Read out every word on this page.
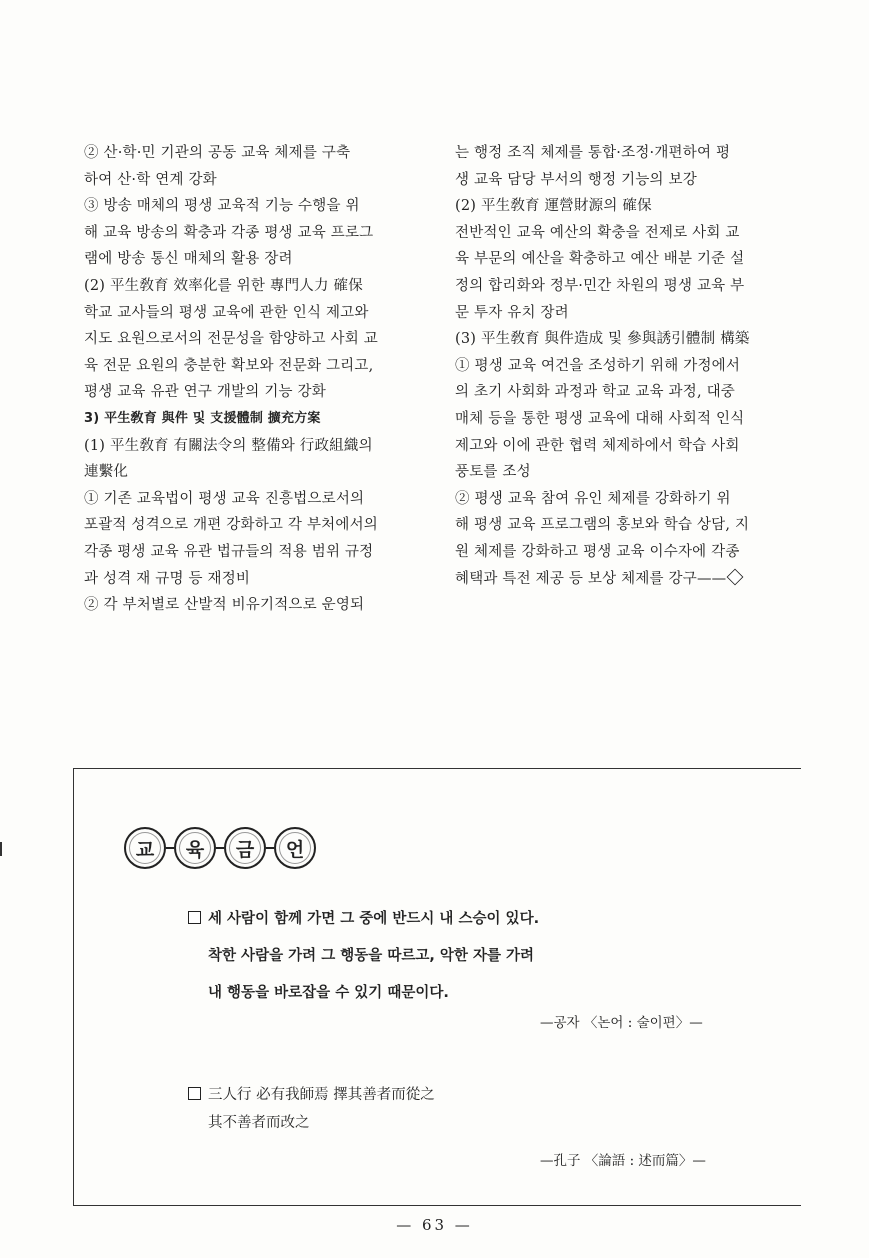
② 산·학·민 기관의 공동 교육 체제를 구축

하여 산·학 연계 강화

③ 방송 매체의 평생 교육적 기능 수행을 위

해 교육 방송의 확충과 각종 평생 교육 프로그

램에 방송 통신 매체의 활용 장려

(2) 平生敎育 效率化를 위한 專門人力 確保

학교 교사들의 평생 교육에 관한 인식 제고와

지도 요원으로서의 전문성을 함양하고 사회 교

육 전문 요원의 충분한 확보와 전문화 그리고,

평생 교육 유관 연구 개발의 기능 강화

3) 平生敎育 與件 및 支援體制 擴充方案

(1) 平生敎育 有關法令의 整備와 行政組織의

連繫化

① 기존 교육법이 평생 교육 진흥법으로서의

포괄적 성격으로 개편 강화하고 각 부처에서의

각종 평생 교육 유관 법규들의 적용 범위 규정

과 성격 재 규명 등 재정비

② 각 부처별로 산발적 비유기적으로 운영되

는 행정 조직 체제를 통합·조정·개편하여 평

생 교육 담당 부서의 행정 기능의 보강

(2) 平生敎育 運營財源의 確保

전반적인 교육 예산의 확충을 전제로 사회 교

육 부문의 예산을 확충하고 예산 배분 기준 설

정의 합리화와 정부·민간 차원의 평생 교육 부

문 투자 유치 장려

(3) 平生敎育 與件造成 및 參與誘引體制 構築

① 평생 교육 여건을 조성하기 위해 가정에서

의 초기 사회화 과정과 학교 교육 과정, 대중

매체 등을 통한 평생 교육에 대해 사회적 인식

제고와 이에 관한 협력 체제하에서 학습 사회

풍토를 조성

② 평생 교육 참여 유인 체제를 강화하기 위

해 평생 교육 프로그램의 홍보와 학습 상담, 지

원 체제를 강화하고 평생 교육 이수자에 각종

혜택과 특전 제공 등 보상 체제를 강구——

교	육	금	언

세 사람이 함께 가면 그 중에 반드시 내 스승이 있다.

착한 사람을 가려 그 행동을 따르고, 악한 자를 가려

내 행동을 바로잡을 수 있기 때문이다.

—공자 〈논어 : 술이편〉—

三人行 必有我師焉 擇其善者而從之

其不善者而改之

—孔子 〈論語 : 述而篇〉—
— 63 —
